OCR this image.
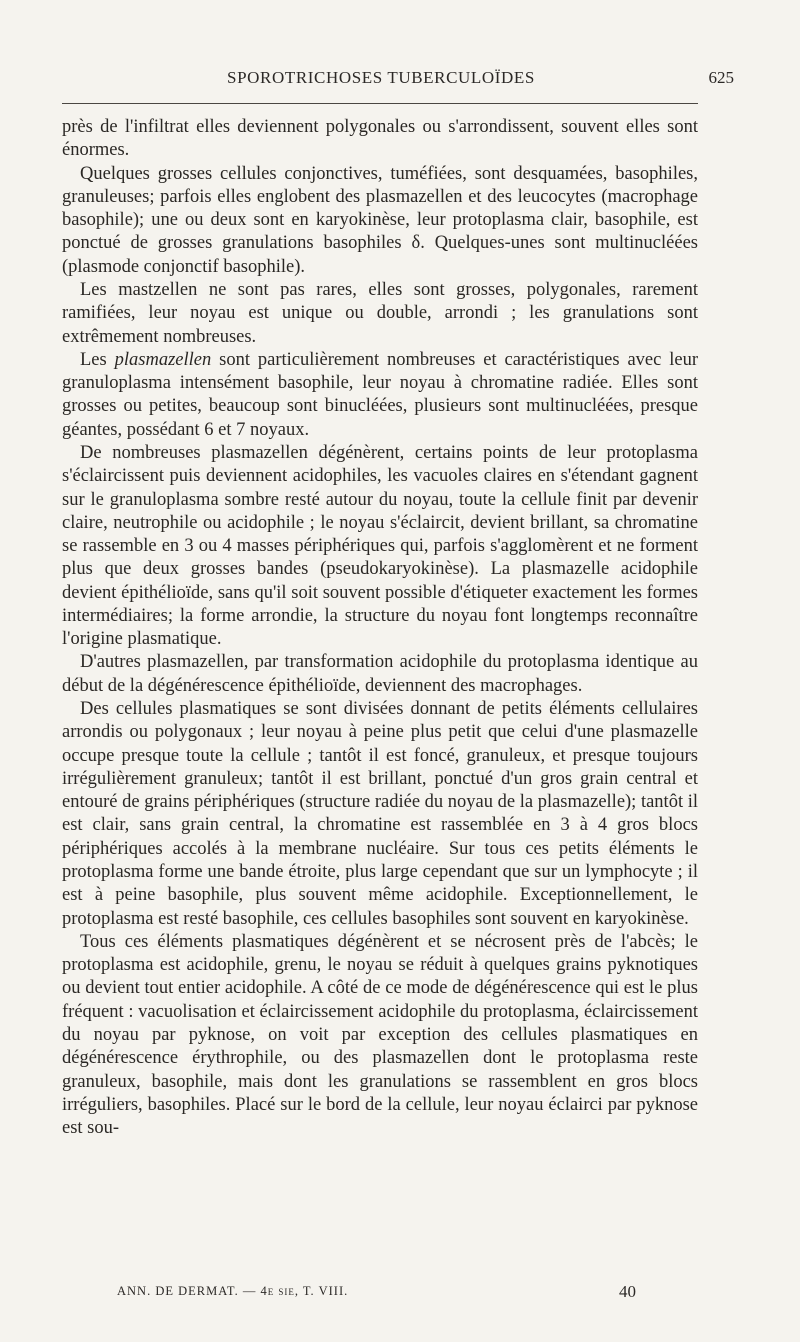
SPOROTRICHOSES TUBERCULOÏDES	625

près de l'infiltrat elles deviennent polygonales ou s'arrondissent, souvent elles sont énormes.

Quelques grosses cellules conjonctives, tuméfiées, sont desquamées, basophiles, granuleuses; parfois elles englobent des plasmazellen et des leucocytes (macrophage basophile); une ou deux sont en karyokinèse, leur protoplasma clair, basophile, est ponctué de grosses granulations basophiles δ. Quelques-unes sont multinucléées (plasmode conjonctif basophile).

Les mastzellen ne sont pas rares, elles sont grosses, polygonales, rarement ramifiées, leur noyau est unique ou double, arrondi ; les granulations sont extrêmement nombreuses.

Les plasmazellen sont particulièrement nombreuses et caractéristiques avec leur granuloplasma intensément basophile, leur noyau à chromatine radiée. Elles sont grosses ou petites, beaucoup sont binucléées, plusieurs sont multinucléées, presque géantes, possédant 6 et 7 noyaux.

De nombreuses plasmazellen dégénèrent, certains points de leur protoplasma s'éclaircissent puis deviennent acidophiles, les vacuoles claires en s'étendant gagnent sur le granuloplasma sombre resté autour du noyau, toute la cellule finit par devenir claire, neutrophile ou acidophile ; le noyau s'éclaircit, devient brillant, sa chromatine se rassemble en 3 ou 4 masses périphériques qui, parfois s'agglomèrent et ne forment plus que deux grosses bandes (pseudokaryokinèse). La plasmazelle acidophile devient épithélioïde, sans qu'il soit souvent possible d'étiqueter exactement les formes intermédiaires; la forme arrondie, la structure du noyau font longtemps reconnaître l'origine plasmatique.

D'autres plasmazellen, par transformation acidophile du protoplasma identique au début de la dégénérescence épithélioïde, deviennent des macrophages.

Des cellules plasmatiques se sont divisées donnant de petits éléments cellulaires arrondis ou polygonaux ; leur noyau à peine plus petit que celui d'une plasmazelle occupe presque toute la cellule ; tantôt il est foncé, granuleux, et presque toujours irrégulièrement granuleux; tantôt il est brillant, ponctué d'un gros grain central et entouré de grains périphériques (structure radiée du noyau de la plasmazelle); tantôt il est clair, sans grain central, la chromatine est rassemblée en 3 à 4 gros blocs périphériques accolés à la membrane nucléaire. Sur tous ces petits éléments le protoplasma forme une bande étroite, plus large cependant que sur un lymphocyte ; il est à peine basophile, plus souvent même acidophile. Exceptionnellement, le protoplasma est resté basophile, ces cellules basophiles sont souvent en karyokinèse.

Tous ces éléments plasmatiques dégénèrent et se nécrosent près de l'abcès; le protoplasma est acidophile, grenu, le noyau se réduit à quelques grains pyknotiques ou devient tout entier acidophile. A côté de ce mode de dégénérescence qui est le plus fréquent : vacuolisation et éclaircissement acidophile du protoplasma, éclaircissement du noyau par pyknose, on voit par exception des cellules plasmatiques en dégénérescence érythrophile, ou des plasmazellen dont le protoplasma reste granuleux, basophile, mais dont les granulations se rassemblent en gros blocs irréguliers, basophiles. Placé sur le bord de la cellule, leur noyau éclairci par pyknose est sou-

ANN. DE DERMAT. — 4e sie, T. VIII.	40
